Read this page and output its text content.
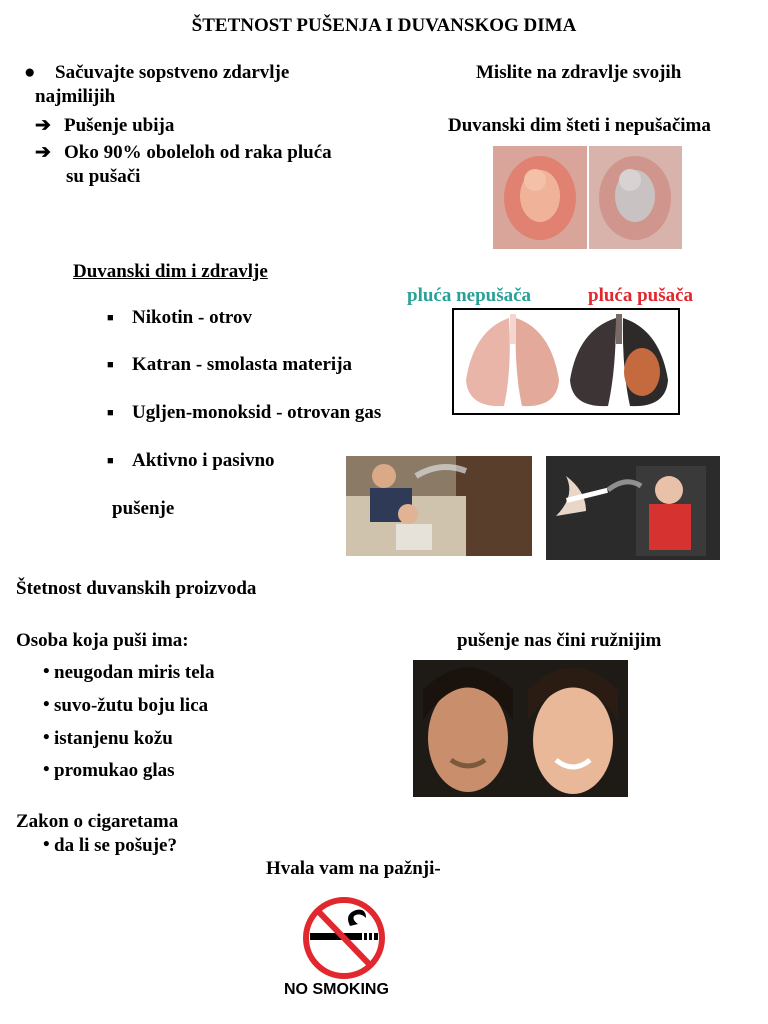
ŠTETNOST PUŠENJA I DUVANSKOG DIMA
● Sačuvajte sopstveno zdarvlje
najmilijih
➔ Pušenje ubija
➔ Oko 90% obolelоh od raka pluća
su pušači
Mislite na zdravlje svojih
Duvanski dim šteti i nepušačima
Duvanski dim i zdravlje
■ Nikotin - otrov
■ Katran - smolasta materija
■ Ugljen-monoksid - otrovan gas
■ Aktivno i pasivno
pušenje
pluća nepušača	pluća pušača
Štetnost duvanskih proizvoda
Osoba koja puši ima:	pušenje nas čini ružnijim
• neugodan miris tela
• suvo-žutu boju lica
• istanjenu kožu
• promukao glas
Zakon o cigaretama
• da li se pošuje?
Hvala vam na pažnji-
NO SMOKING
